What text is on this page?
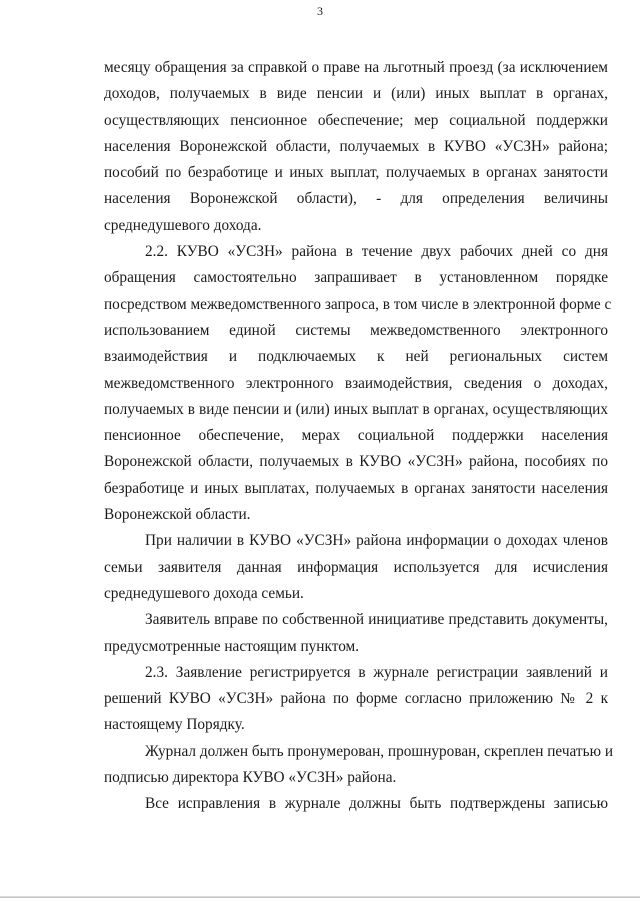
3
месяцу обращения за справкой о праве на льготный проезд (за исключением
доходов, получаемых в виде пенсии и (или) иных выплат в органах,
осуществляющих пенсионное обеспечение; мер социальной поддержки
населения Воронежской области, получаемых в КУВО «УСЗН» района;
пособий по безработице и иных выплат, получаемых в органах занятости
населения Воронежской области), - для определения величины
среднедушевого дохода.
2.2. КУВО «УСЗН» района в течение двух рабочих дней со дня
обращения самостоятельно запрашивает в установленном порядке
посредством межведомственного запроса, в том числе в электронной форме с
использованием единой системы межведомственного электронного
взаимодействия и подключаемых к ней региональных систем
межведомственного электронного взаимодействия, сведения о доходах,
получаемых в виде пенсии и (или) иных выплат в органах, осуществляющих
пенсионное обеспечение, мерах социальной поддержки населения
Воронежской области, получаемых в КУВО «УСЗН» района, пособиях по
безработице и иных выплатах, получаемых в органах занятости населения
Воронежской области.
При наличии в КУВО «УСЗН» района информации о доходах членов
семьи заявителя данная информация используется для исчисления
среднедушевого дохода семьи.
Заявитель вправе по собственной инициативе представить документы,
предусмотренные настоящим пунктом.
2.3. Заявление регистрируется в журнале регистрации заявлений и
решений КУВО «УСЗН» района по форме согласно приложению № 2 к
настоящему Порядку.
Журнал должен быть пронумерован, прошнурован, скреплен печатью и
подписью директора КУВО «УСЗН» района.
Все исправления в журнале должны быть подтверждены записью
